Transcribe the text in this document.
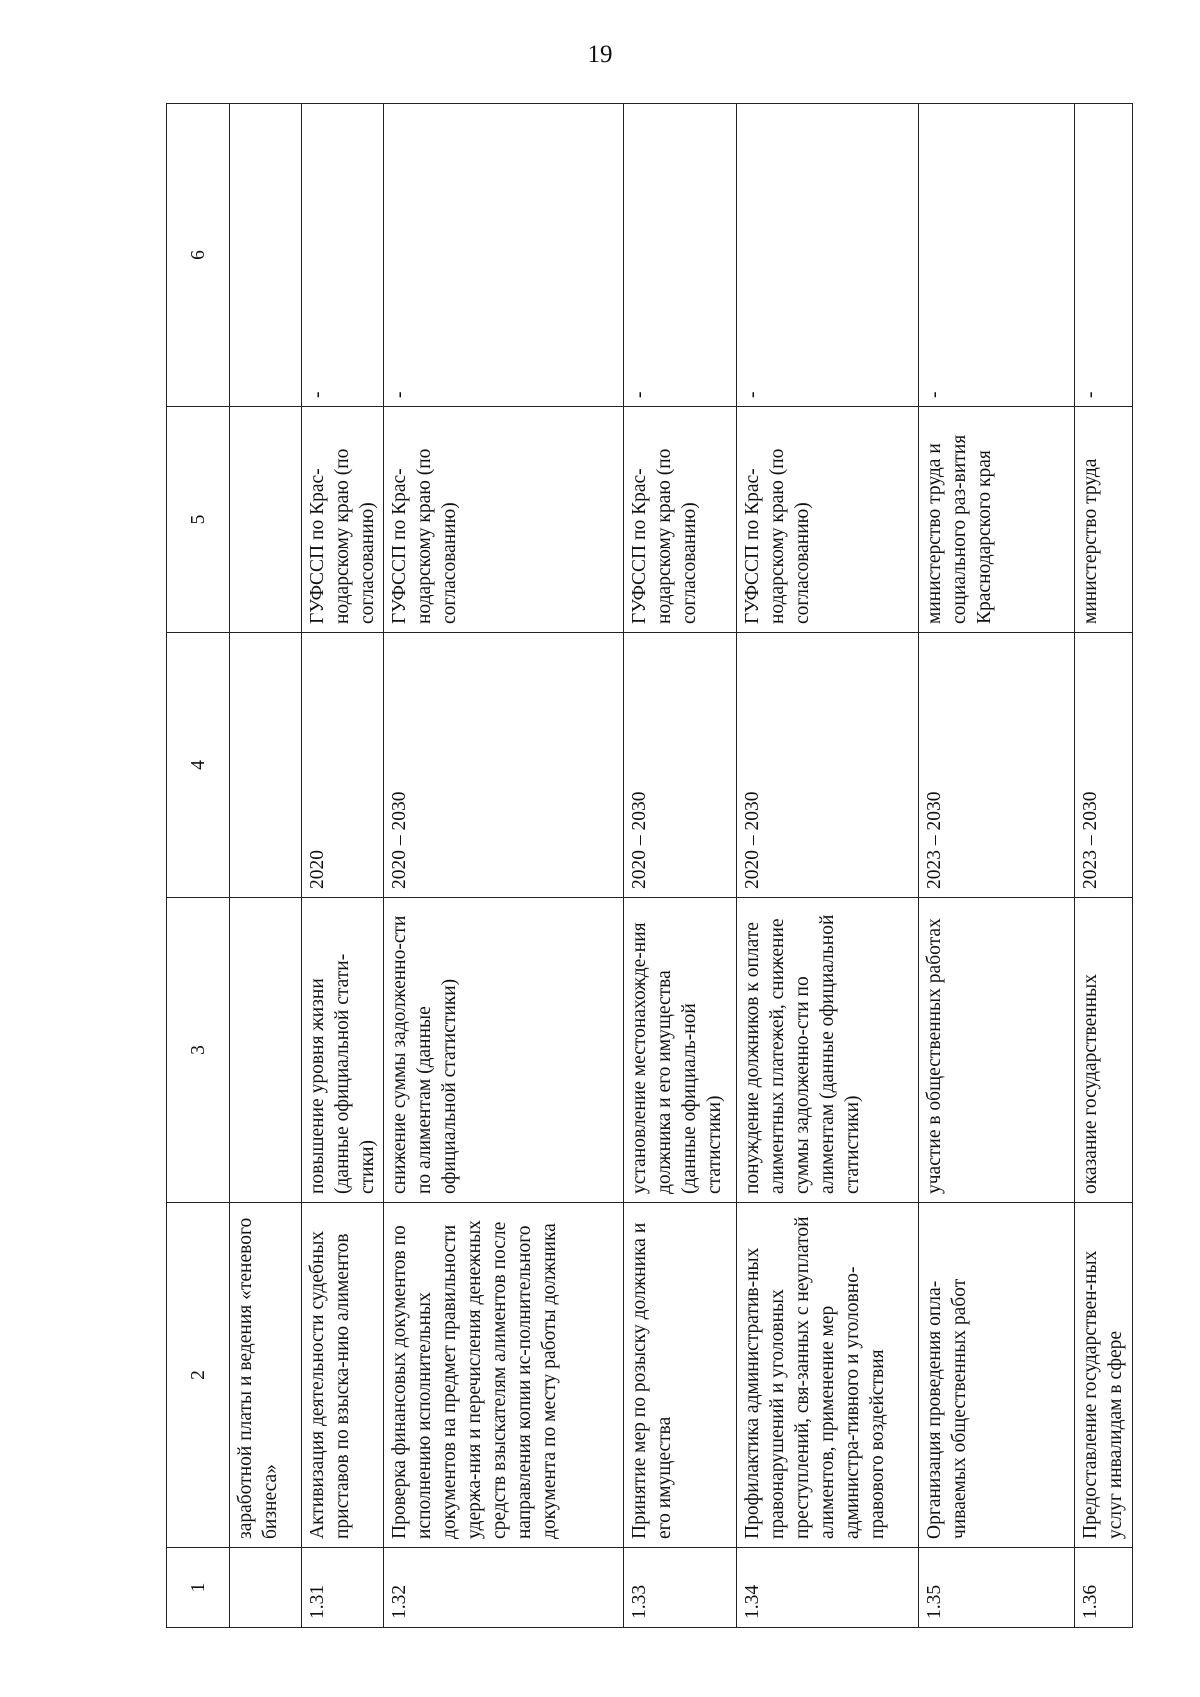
19
1	2	3	4	5	6
	заработной платы и ведения «теневого бизнеса»				
1.31	Активизация деятельности судебных приставов по взыска-нию алиментов	повышение уровня жизни (данные официальной стати-стики)	2020	ГУФССП по Крас-нодарскому краю (по согласованию)	-
1.32	Проверка финансовых документов по исполнению исполнительных документов на предмет правильности удержа-ния и перечисления денежных средств взыскателям алиментов после направления копии ис-полнительного документа по месту работы должника	снижение суммы задолженно-сти по алиментам (данные официальной статистики)	2020 – 2030	ГУФССП по Крас-нодарскому краю (по согласованию)	-
1.33	Принятие мер по розыску должника и его имущества	установление местонахожде-ния должника и его имущества (данные официаль-ной статистики)	2020 – 2030	ГУФССП по Крас-нодарскому краю (по согласованию)	-
1.34	Профилактика административ-ных правонарушений и уголовных преступлений, свя-занных с неуплатой алиментов, применение мер администра-тивного и уголовно-правового воздействия	понуждение должников к оплате алиментных платежей, снижение суммы задолженно-сти по алиментам (данные официальной статистики)	2020 – 2030	ГУФССП по Крас-нодарскому краю (по согласованию)	-
1.35	Организация проведения опла-чиваемых общественных работ	участие в общественных работах	2023 – 2030	министерство труда и социального раз-вития Краснодарского края	-
1.36	Предоставление государствен-ных услуг инвалидам в сфере	оказание государственных	2023 – 2030	министерство труда	-
